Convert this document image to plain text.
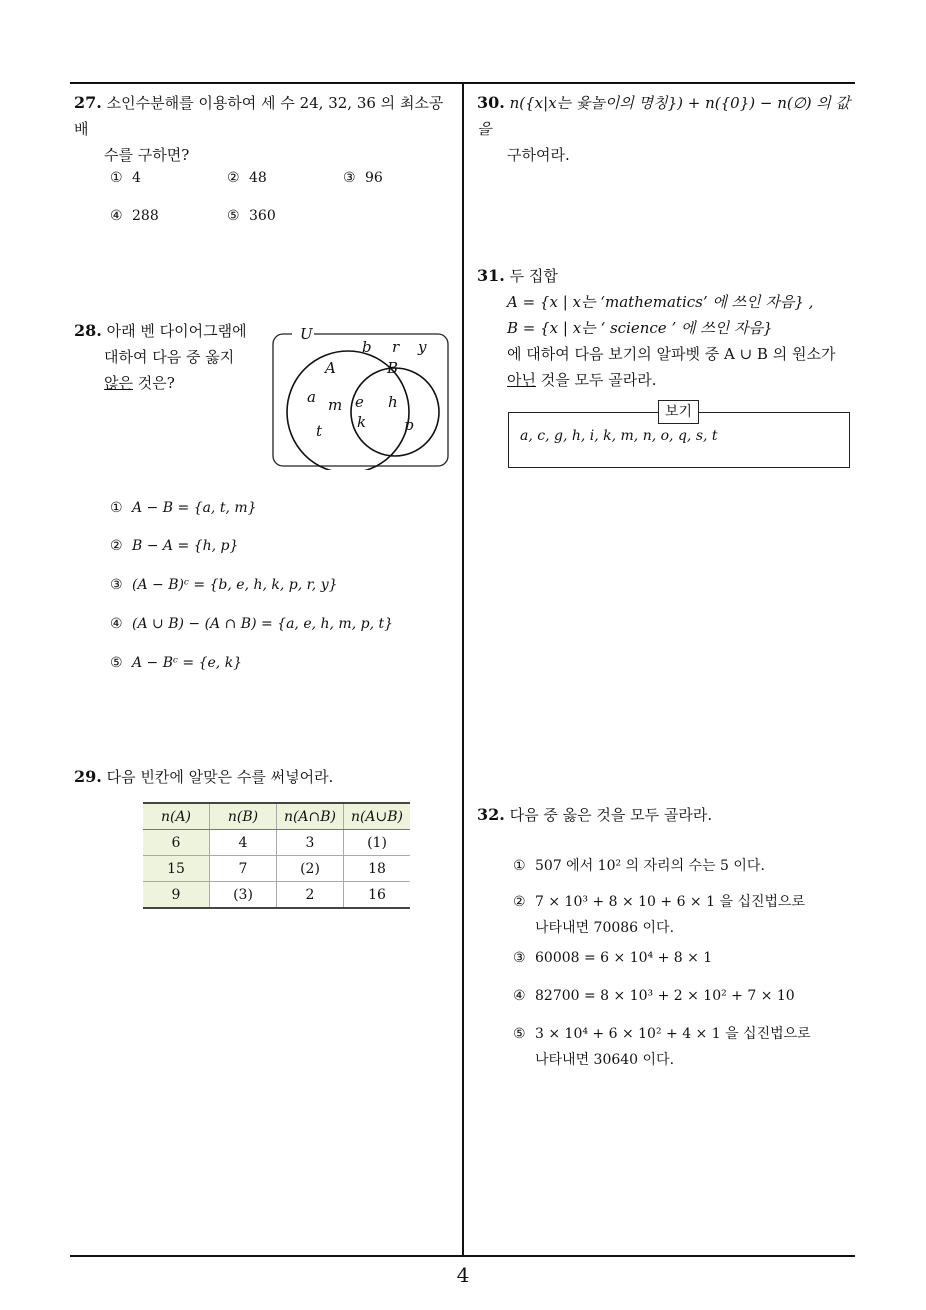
27. 소인수분해를 이용하여 세 수 24, 32, 36 의 최소공배
수를 구하면?
① 4	② 48	③ 96
④ 288	⑤ 360
28. 아래 벤 다이어그램에
대하여 다음 중 옳지
않은 것은?
U
A	B
b r y
a m
t
e
k
h
p
① A − B = {a, t, m}
② B − A = {h, p}
③ (A − B)ᶜ = {b, e, h, k, p, r, y}
④ (A ∪ B) − (A ∩ B) = {a, e, h, m, p, t}
⑤ A − Bᶜ = {e, k}
29. 다음 빈칸에 알맞은 수를 써넣어라.
n(A)	n(B)	n(A∩B)	n(A∪B)
6	4	3	(1)
15	7	(2)	18
9	(3)	2	16
30. n({x|x는 윷놀이의 명칭}) + n({0}) − n(∅) 의 값을
구하여라.
31. 두 집합
A = {x | x는 ‘mathematics’ 에 쓰인 자음} ,
B = {x | x는 ‘ science ’ 에 쓰인 자음}
에 대하여 다음 보기의 알파벳 중 A ∪ B 의 원소가
아닌 것을 모두 골라라.
보기
a, c, g, h, i, k, m, n, o, q, s, t
32. 다음 중 옳은 것을 모두 골라라.
① 507 에서 10² 의 자리의 수는 5 이다.
② 7 × 10³ + 8 × 10 + 6 × 1 을 십진법으로
나타내면 70086 이다.
③ 60008 = 6 × 10⁴ + 8 × 1
④ 82700 = 8 × 10³ + 2 × 10² + 7 × 10
⑤ 3 × 10⁴ + 6 × 10² + 4 × 1 을 십진법으로
나타내면 30640 이다.
4
